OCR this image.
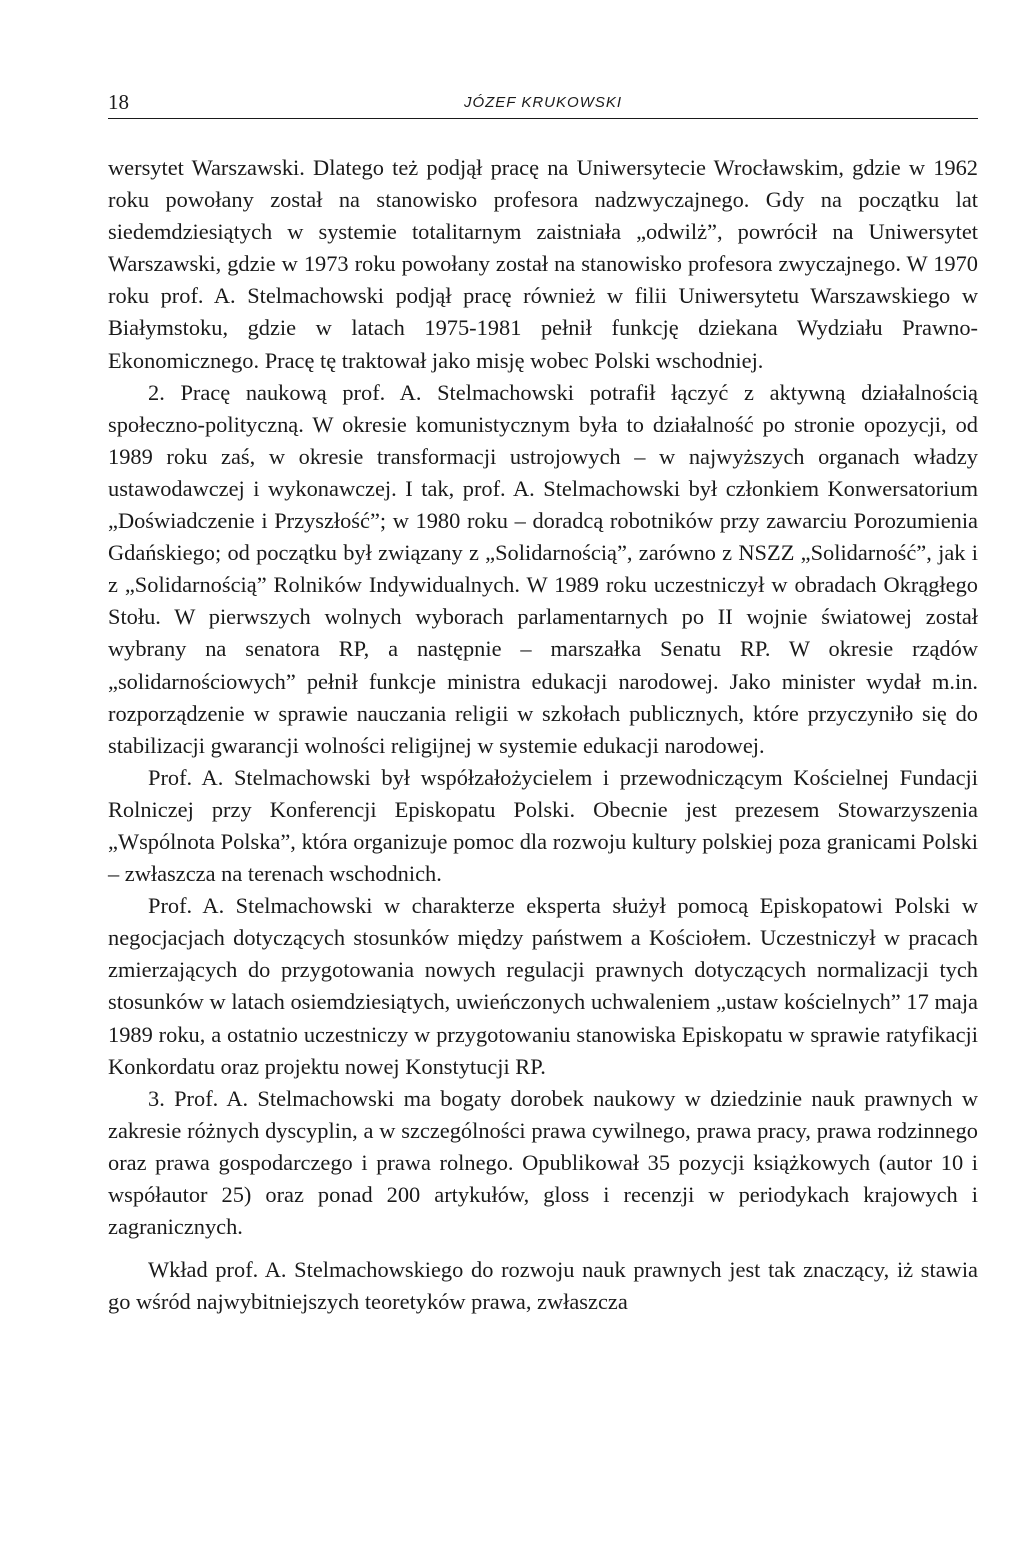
18	JÓZEF KRUKOWSKI

wersytet Warszawski. Dlatego też podjął pracę na Uniwersytecie Wrocławskim, gdzie w 1962 roku powołany został na stanowisko profesora nadzwyczajnego. Gdy na początku lat siedemdziesiątych w systemie totalitarnym zaistniała „odwilż”, powrócił na Uniwersytet Warszawski, gdzie w 1973 roku powołany został na stanowisko profesora zwyczajnego. W 1970 roku prof. A. Stelmachowski podjął pracę również w filii Uniwersytetu Warszawskiego w Białymstoku, gdzie w latach 1975-1981 pełnił funkcję dziekana Wydziału Prawno-Ekonomicznego. Pracę tę traktował jako misję wobec Polski wschodniej.

2. Pracę naukową prof. A. Stelmachowski potrafił łączyć z aktywną działalnością społeczno-polityczną. W okresie komunistycznym była to działalność po stronie opozycji, od 1989 roku zaś, w okresie transformacji ustrojowych – w najwyższych organach władzy ustawodawczej i wykonawczej. I tak, prof. A. Stelmachowski był członkiem Konwersatorium „Doświadczenie i Przyszłość”; w 1980 roku – doradcą robotników przy zawarciu Porozumienia Gdańskiego; od początku był związany z „Solidarnością”, zarówno z NSZZ „Solidarność”, jak i z „Solidarnością” Rolników Indywidualnych. W 1989 roku uczestniczył w obradach Okrągłego Stołu. W pierwszych wolnych wyborach parlamentarnych po II wojnie światowej został wybrany na senatora RP, a następnie – marszałka Senatu RP. W okresie rządów „solidarnościowych” pełnił funkcje ministra edukacji narodowej. Jako minister wydał m.in. rozporządzenie w sprawie nauczania religii w szkołach publicznych, które przyczyniło się do stabilizacji gwarancji wolności religijnej w systemie edukacji narodowej.

Prof. A. Stelmachowski był współzałożycielem i przewodniczącym Kościelnej Fundacji Rolniczej przy Konferencji Episkopatu Polski. Obecnie jest prezesem Stowarzyszenia „Wspólnota Polska”, która organizuje pomoc dla rozwoju kultury polskiej poza granicami Polski – zwłaszcza na terenach wschodnich.

Prof. A. Stelmachowski w charakterze eksperta służył pomocą Episkopatowi Polski w negocjacjach dotyczących stosunków między państwem a Kościołem. Uczestniczył w pracach zmierzających do przygotowania nowych regulacji prawnych dotyczących normalizacji tych stosunków w latach osiemdziesiątych, uwieńczonych uchwaleniem „ustaw kościelnych” 17 maja 1989 roku, a ostatnio uczestniczy w przygotowaniu stanowiska Episkopatu w sprawie ratyfikacji Konkordatu oraz projektu nowej Konstytucji RP.

3. Prof. A. Stelmachowski ma bogaty dorobek naukowy w dziedzinie nauk prawnych w zakresie różnych dyscyplin, a w szczególności prawa cywilnego, prawa pracy, prawa rodzinnego oraz prawa gospodarczego i prawa rolnego. Opublikował 35 pozycji książkowych (autor 10 i współautor 25) oraz ponad 200 artykułów, gloss i recenzji w periodykach krajowych i zagranicznych.

Wkład prof. A. Stelmachowskiego do rozwoju nauk prawnych jest tak znaczący, iż stawia go wśród najwybitniejszych teoretyków prawa, zwłaszcza
